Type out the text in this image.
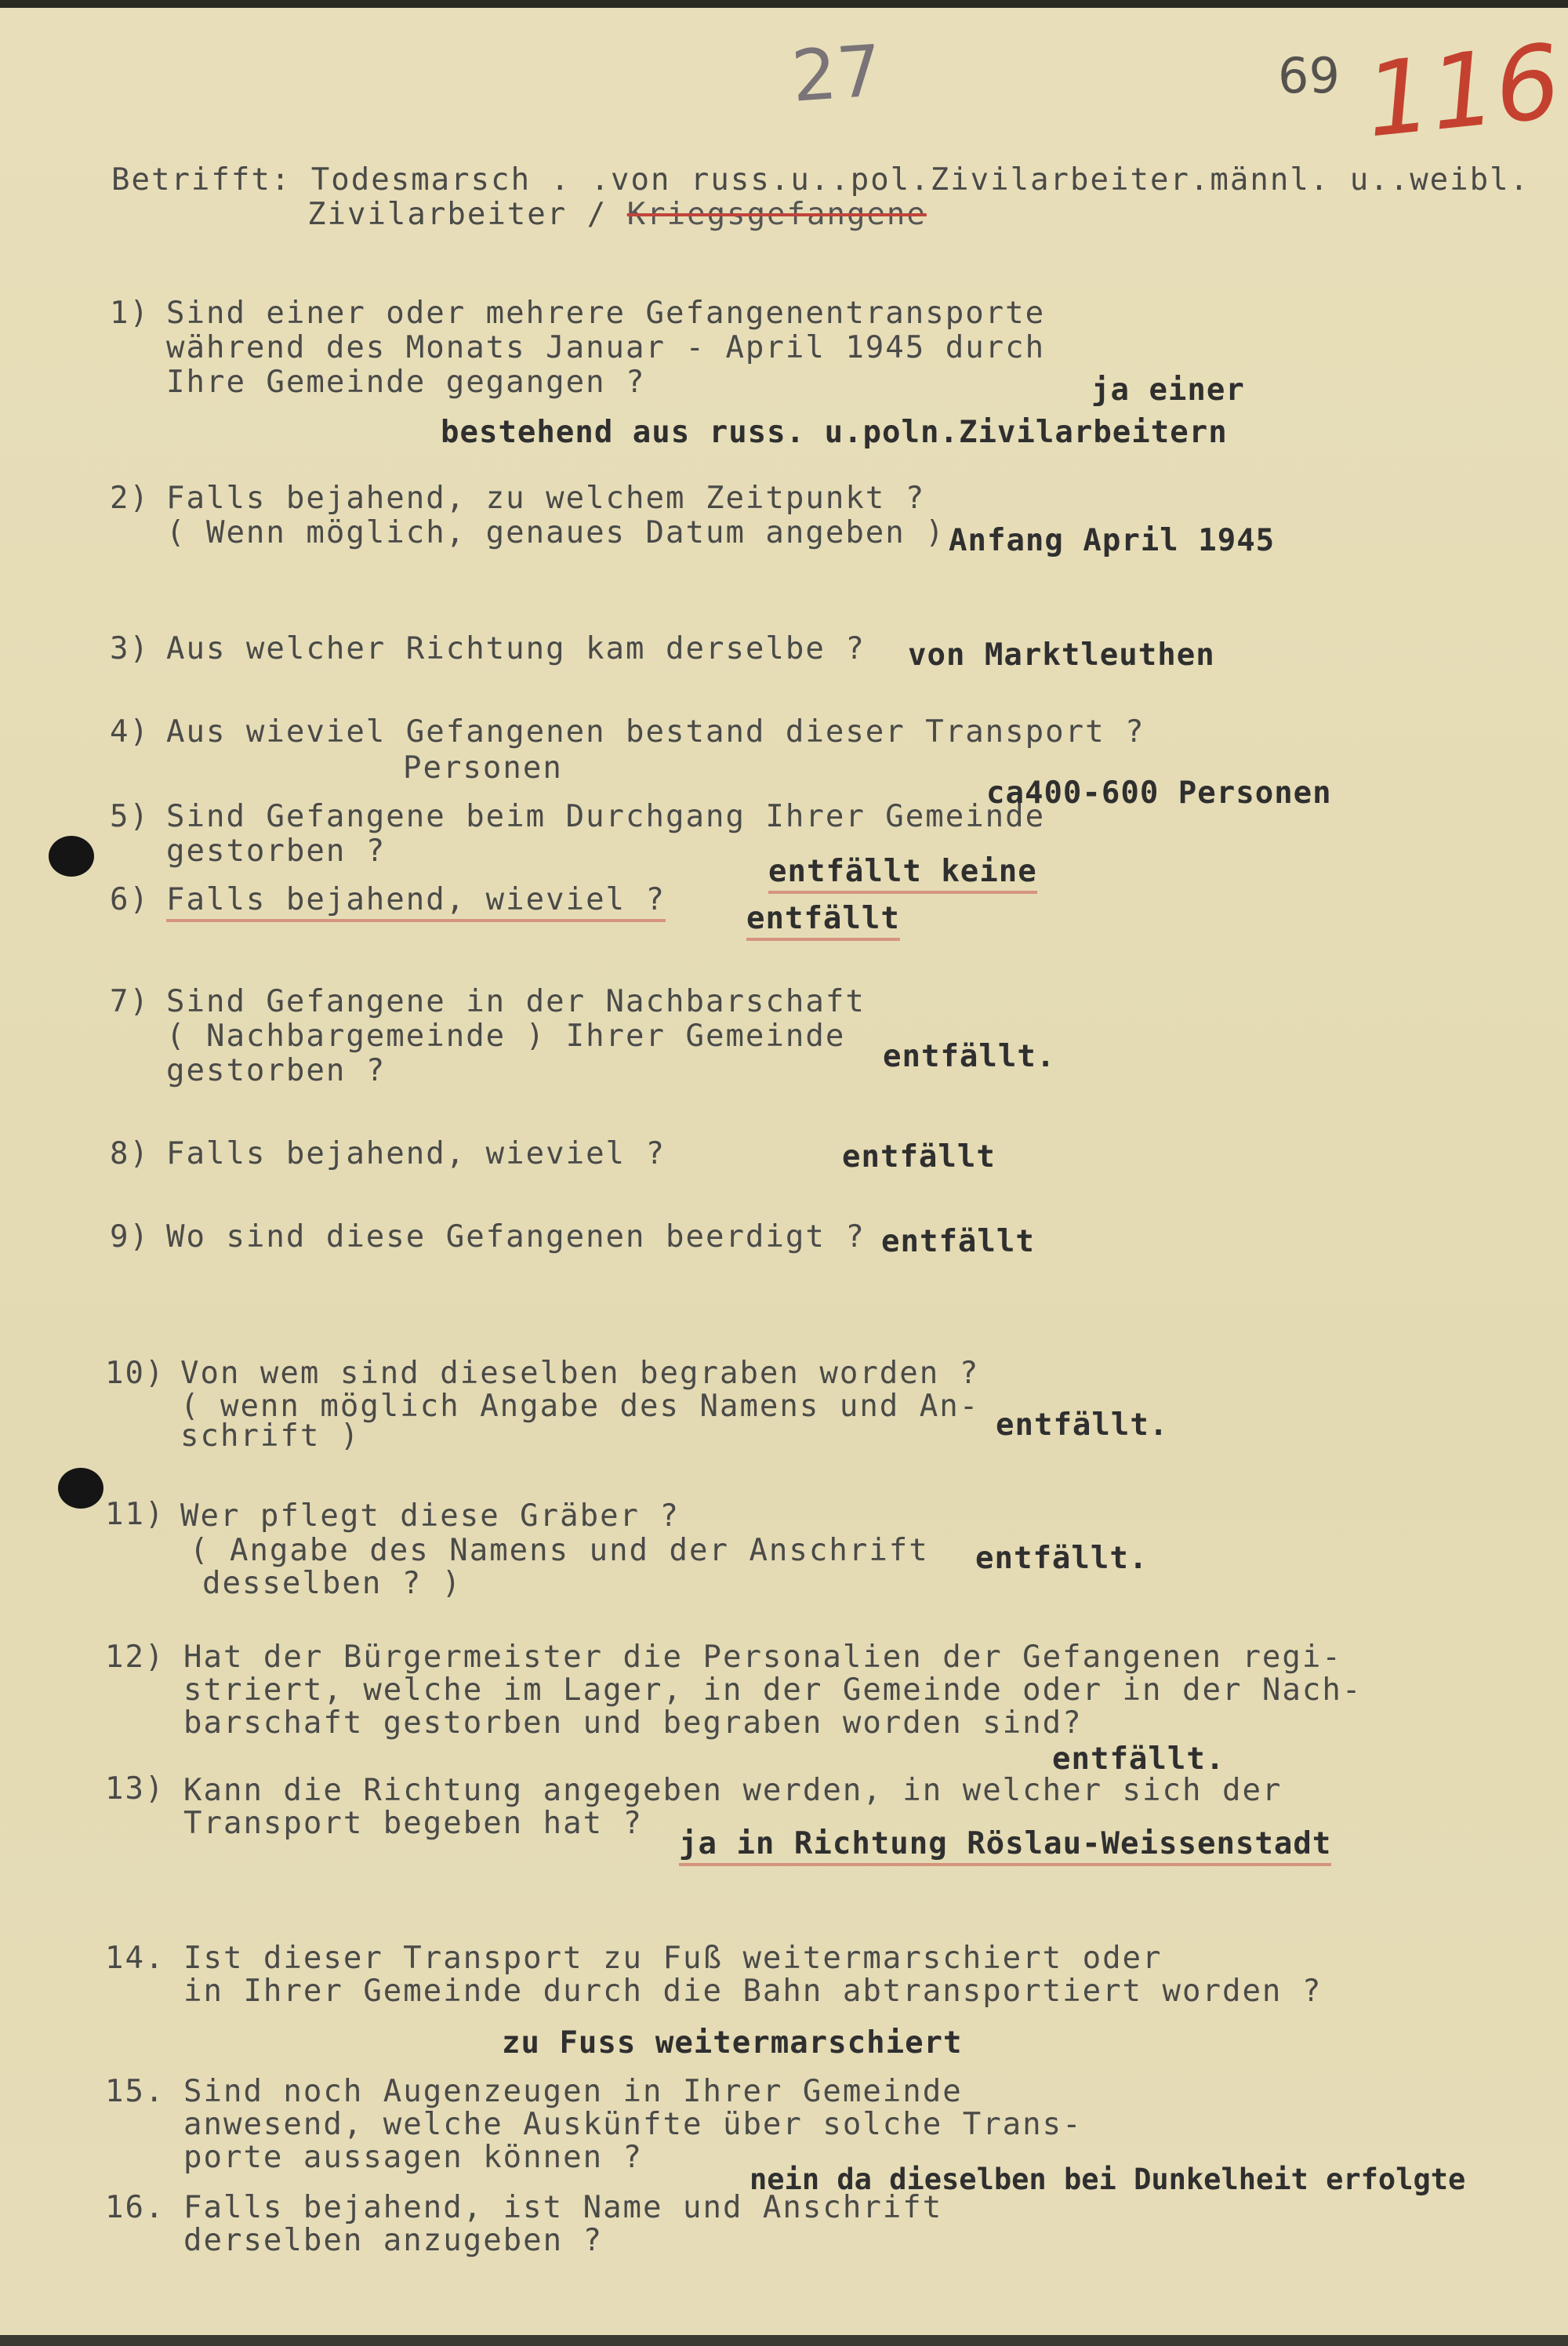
27	69 116
Betrifft: Todesmarsch . .von russ.u..pol.Zivilarbeiter.männl. u..weibl.
Zivilarbeiter / Kriegsgefangene
1) Sind einer oder mehrere Gefangenentransporte
während des Monats Januar - April 1945 durch
Ihre Gemeinde gegangen ?	ja einer
bestehend aus russ. u.poln.Zivilarbeitern
2) Falls bejahend, zu welchem Zeitpunkt ?
( Wenn möglich, genaues Datum angeben ) Anfang April 1945
3) Aus welcher Richtung kam derselbe ? von Marktleuthen
4) Aus wieviel Gefangenen bestand dieser Transport ?
Personen
ca400-600 Personen
5) Sind Gefangene beim Durchgang Ihrer Gemeinde
gestorben ?
entfällt keine
6) Falls bejahend, wieviel ?
entfällt
7) Sind Gefangene in der Nachbarschaft
( Nachbargemeinde ) Ihrer Gemeinde
gestorben ?	entfällt.
8) Falls bejahend, wieviel ?	entfällt
9) Wo sind diese Gefangenen beerdigt ? entfällt
10) Von wem sind dieselben begraben worden ?
( wenn möglich Angabe des Namens und An-
schrift )	entfällt.
11) Wer pflegt diese Gräber ?
( Angabe des Namens und der Anschrift
desselben ? )
entfällt.
12) Hat der Bürgermeister die Personalien der Gefangenen regi-
striert, welche im Lager, in der Gemeinde oder in der Nach-
barschaft gestorben und begraben worden sind?
entfällt.
13) Kann die Richtung angegeben werden, in welcher sich der
Transport begeben hat ?
ja in Richtung Röslau-Weissenstadt
14. Ist dieser Transport zu Fuß weitermarschiert oder
in Ihrer Gemeinde durch die Bahn abtransportiert worden ?
zu Fuss weitermarschiert
15. Sind noch Augenzeugen in Ihrer Gemeinde
anwesend, welche Auskünfte über solche Trans-
porte aussagen können ?
nein da dieselben bei Dunkelheit erfolgte
16. Falls bejahend, ist Name und Anschrift
derselben anzugeben ?
